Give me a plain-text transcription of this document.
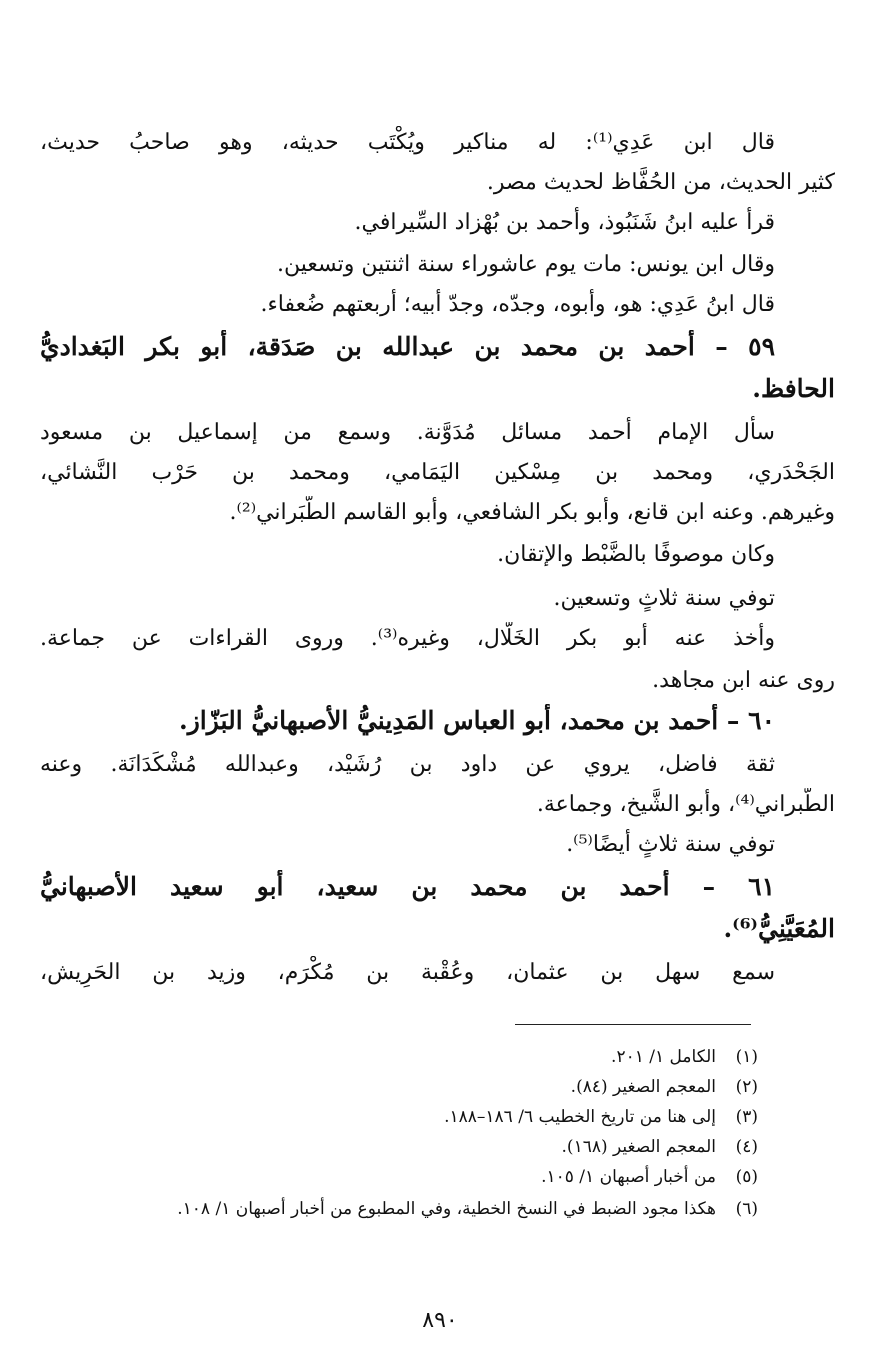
قال ابن عَدِي⁽¹⁾: له مناكير ويُكْتَب حديثه، وهو صاحبُ حديث،
كثير الحديث، من الحُفَّاظ لحديث مصر.
قرأ عليه ابنُ شَنَبُوذ، وأحمد بن بُهْزاد السِّيرافي.
وقال ابن يونس: مات يوم عاشوراء سنة اثنتين وتسعين.
قال ابنُ عَدِي: هو، وأبوه، وجدّه، وجدّ أبيه؛ أربعتهم ضُعفاء.
٥٩ – أحمد بن محمد بن عبدالله بن صَدَقة، أبو بكر البَغداديُّ
الحافظ.
سأل الإمام أحمد مسائل مُدَوَّنة. وسمع من إسماعيل بن مسعود
الجَحْدَري، ومحمد بن مِسْكين اليَمَامي، ومحمد بن حَرْب النَّشائي،
وغيرهم. وعنه ابن قانع، وأبو بكر الشافعي، وأبو القاسم الطَّبَراني⁽²⁾.
وكان موصوفًا بالضَّبْط والإتقان.
توفي سنة ثلاثٍ وتسعين.
وأخذ عنه أبو بكر الخَلَّال، وغيره⁽³⁾. وروى القراءات عن جماعة.
روى عنه ابن مجاهد.
٦٠ – أحمد بن محمد، أبو العباس المَدِينيُّ الأصبهانيُّ البَزّاز.
ثقة فاضل، يروي عن داود بن رُشَيْد، وعبدالله مُشْكَدَانَة. وعنه
الطَّبراني⁽⁴⁾، وأبو الشَّيخ، وجماعة.
توفي سنة ثلاثٍ أيضًا⁽⁵⁾.
٦١ – أحمد بن محمد بن سعيد، أبو سعيد الأصبهانيُّ
المُعَيَّنِيُّ⁽⁶⁾.
سمع سهل بن عثمان، وعُقْبة بن مُكْرَم، وزيد بن الحَرِيش،
(١)الكامل ١/ ٢٠١.
(٢)المعجم الصغير (٨٤).
(٣)إلى هنا من تاريخ الخطيب ٦/ ١٨٦–١٨٨.
(٤)المعجم الصغير (١٦٨).
(٥)من أخبار أصبهان ١/ ١٠٥.
(٦)هكذا مجود الضبط في النسخ الخطية، وفي المطبوع من أخبار أصبهان ١/ ١٠٨.
٨٩٠
